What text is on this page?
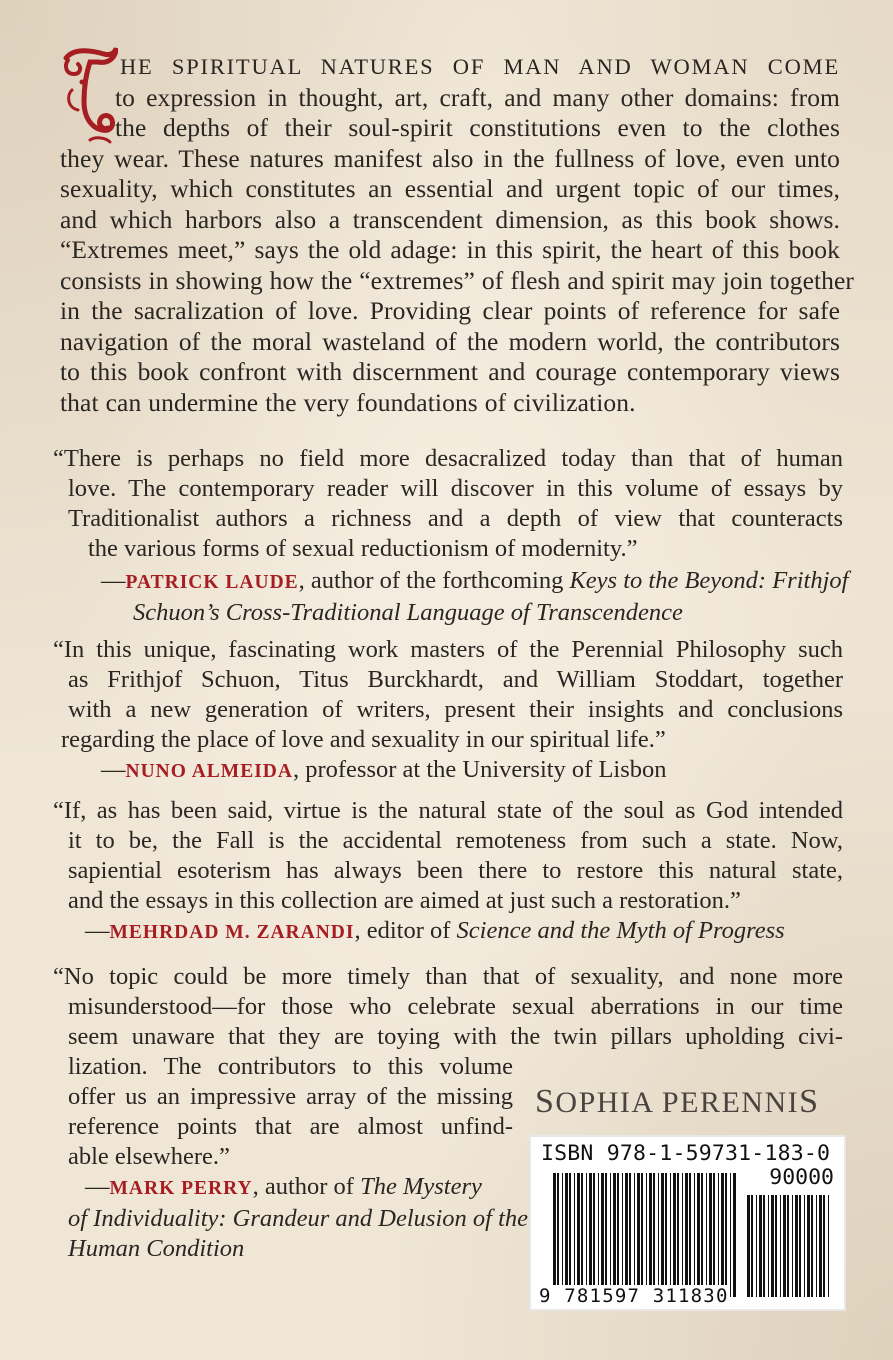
HE SPIRITUAL NATURES OF MAN AND WOMAN COME
to expression in thought, art, craft, and many other domains: from
the depths of their soul-spirit constitutions even to the clothes
they wear. These natures manifest also in the fullness of love, even unto
sexuality, which constitutes an essential and urgent topic of our times,
and which harbors also a transcendent dimension, as this book shows.
“Extremes meet,” says the old adage: in this spirit, the heart of this book
consists in showing how the “extremes” of flesh and spirit may join together
in the sacralization of love. Providing clear points of reference for safe
navigation of the moral wasteland of the modern world, the contributors
to this book confront with discernment and courage contemporary views
that can undermine the very foundations of civilization.
“There is perhaps no field more desacralized today than that of human
love. The contemporary reader will discover in this volume of essays by
Traditionalist authors a richness and a depth of view that counteracts
the various forms of sexual reductionism of modernity.”
—PATRICK LAUDE, author of the forthcoming Keys to the Beyond: Frithjof
Schuon’s Cross-Traditional Language of Transcendence
“In this unique, fascinating work masters of the Perennial Philosophy such
as Frithjof Schuon, Titus Burckhardt, and William Stoddart, together
with a new generation of writers, present their insights and conclusions
regarding the place of love and sexuality in our spiritual life.”
—NUNO ALMEIDA, professor at the University of Lisbon
“If, as has been said, virtue is the natural state of the soul as God intended
it to be, the Fall is the accidental remoteness from such a state. Now,
sapiential esoterism has always been there to restore this natural state,
and the essays in this collection are aimed at just such a restoration.”
—MEHRDAD M. ZARANDI, editor of Science and the Myth of Progress
“No topic could be more timely than that of sexuality, and none more
misunderstood—for those who celebrate sexual aberrations in our time
seem unaware that they are toying with the twin pillars upholding civi-
lization. The contributors to this volume
offer us an impressive array of the missing
reference points that are almost unfind-
able elsewhere.”
—MARK PERRY, author of The Mystery
of Individuality: Grandeur and Delusion of the
Human Condition
SOPHIA PERENNIS
ISBN 978-1-59731-183-0
90000
9 781597 311830
